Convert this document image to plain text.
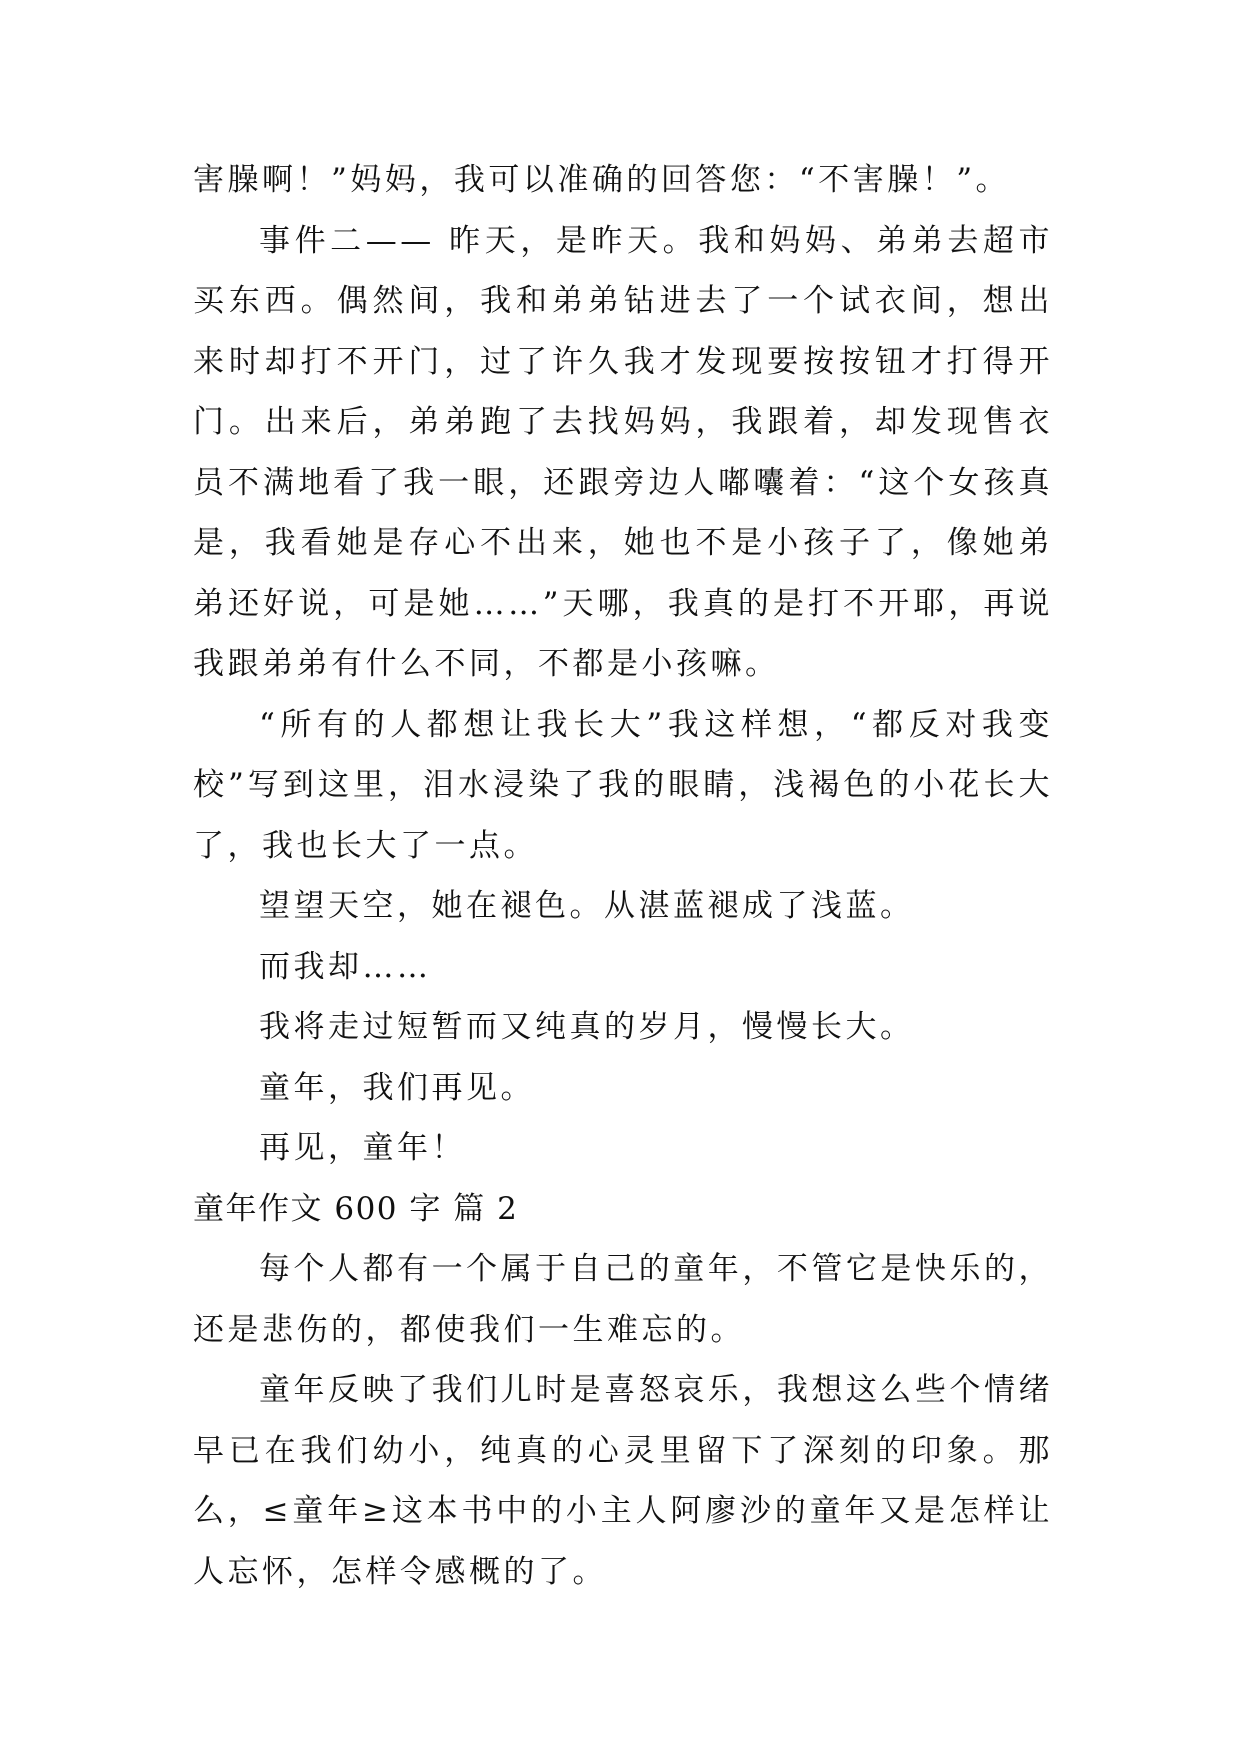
害臊啊！”妈妈，我可以准确的回答您：“不害臊！”。

事件二—— 昨天，是昨天。我和妈妈、弟弟去超市买东西。偶然间，我和弟弟钻进去了一个试衣间，想出来时却打不开门，过了许久我才发现要按按钮才打得开门。出来后，弟弟跑了去找妈妈，我跟着，却发现售衣员不满地看了我一眼，还跟旁边人嘟囔着：“这个女孩真是，我看她是存心不出来，她也不是小孩子了，像她弟弟还好说，可是她……”天哪，我真的是打不开耶，再说我跟弟弟有什么不同，不都是小孩嘛。

“所有的人都想让我长大”我这样想，“都反对我变校”写到这里，泪水浸染了我的眼睛，浅褐色的小花长大了，我也长大了一点。

望望天空，她在褪色。从湛蓝褪成了浅蓝。

而我却……

我将走过短暂而又纯真的岁月，慢慢长大。

童年，我们再见。

再见，童年！

童年作文 600 字 篇 2

每个人都有一个属于自己的童年，不管它是快乐的，还是悲伤的，都使我们一生难忘的。

童年反映了我们儿时是喜怒哀乐，我想这么些个情绪早已在我们幼小，纯真的心灵里留下了深刻的印象。那么，≤童年≥这本书中的小主人阿廖沙的童年又是怎样让人忘怀，怎样令感概的了。
